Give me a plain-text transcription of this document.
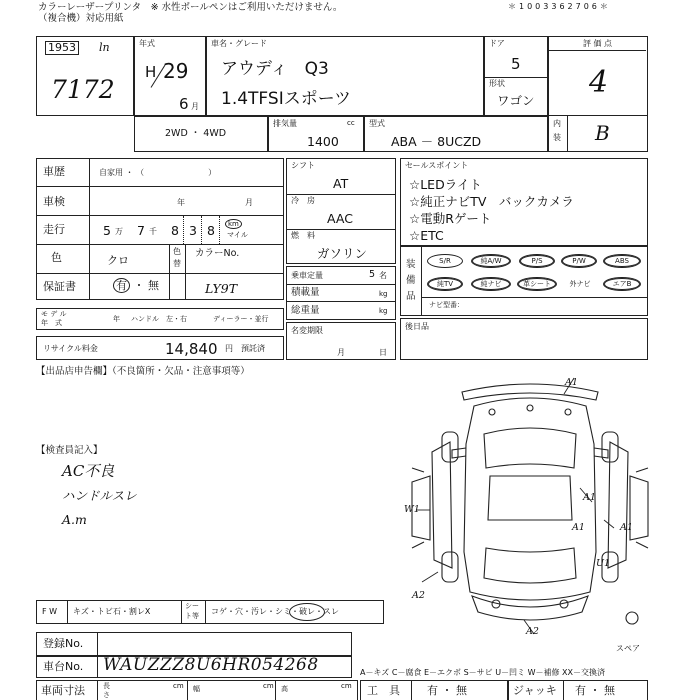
カラーレーザープリンタ　※ 水性ボールペンはご利用いただけません。
（複合機）対応用紙
＊1003362706＊
1953 ln
7172
年式
H 29
6 月
車名・グレード
アウディ　Q3
1.4TFSIスポーツ
ドア
5
形状
ワゴン
評 価 点
4
内
装 B
2WD ・ 4WD
排気量	cc
1400
型式
ABA － 8UCZD
車歴	自家用 ・ （　　　　　　　　）
車検	年	月
走行	5 万 7 千 8 3 8	km
マイル
色	クロ
色
替
カラーNo.
LY9T
保証書	有 ・ 無
モ デ ル
年　式	年 ハンドル　左・右	ディーラー・並行
リサイクル料金	14,840 円 預託済
シフト
AT
冷　房
AAC
燃　料
ガソリン
乗車定量	5 名
積載量	kg
総重量	kg
名変期限
月	日
セールスポイント
☆LEDライト
☆純正ナビTV　バックカメラ
☆電動Rゲート
☆ETC
装
備
品
S/R	純A/W	P/S	P/W	ABS
純TV	純ナビ	革シート	外ナビ	エアB
ナビ型番：
後日品
【出品店申告欄】（不良箇所・欠品・注意事項等）
【検査員記入】
AC不良
ハンドルスレ
A.m
A1
A1
W1
A1
A1
A2
A2
U1
スペア
F W キズ・トビ石・割レX
シー
ト等 コゲ・穴・汚レ・シミ・破レ・スレ
登録No.
車台No. WAUZZZ8U6HR054268	A－キズ C－腐食 E－エクボ S－サビ U－凹ミ W－補修 XX－交換済
車両寸法	長
さ
cm 幅	cm 高	cm 工　具 有 ・ 無	ジャッキ 有 ・ 無
